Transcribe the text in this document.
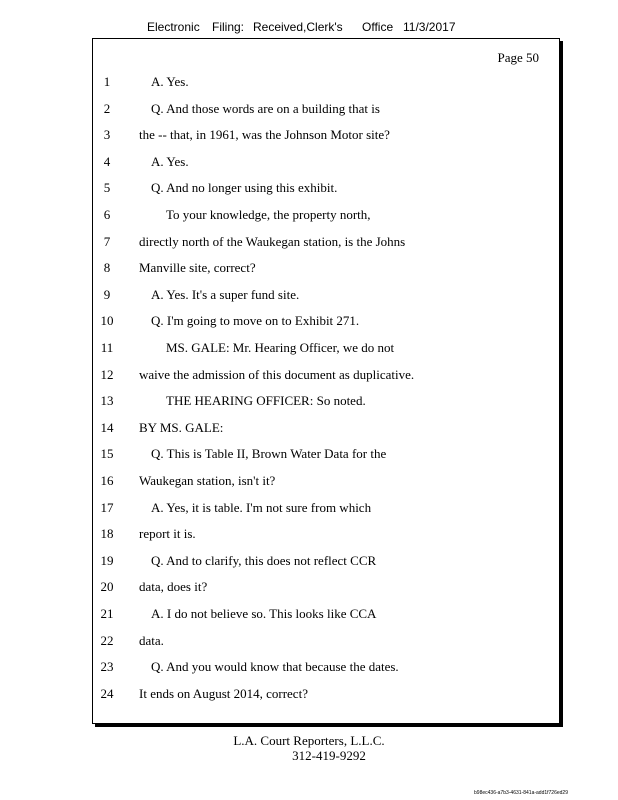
Electronic Filing: Received,Clerk's Office 11/3/2017
Page 50
1	A. Yes.
2	Q. And those words are on a building that is
3	the -- that, in 1961, was the Johnson Motor site?
4	A. Yes.
5	Q. And no longer using this exhibit.
6	To your knowledge, the property north,
7	directly north of the Waukegan station, is the Johns
8	Manville site, correct?
9	A. Yes. It's a super fund site.
10	Q. I'm going to move on to Exhibit 271.
11	MS. GALE: Mr. Hearing Officer, we do not
12	waive the admission of this document as duplicative.
13	THE HEARING OFFICER: So noted.
14	BY MS. GALE:
15	Q. This is Table II, Brown Water Data for the
16	Waukegan station, isn't it?
17	A. Yes, it is table. I'm not sure from which
18	report it is.
19	Q. And to clarify, this does not reflect CCR
20	data, does it?
21	A. I do not believe so. This looks like CCA
22	data.
23	Q. And you would know that because the dates.
24	It ends on August 2014, correct?
L.A. Court Reporters, L.L.C.
312-419-9292
b98ec436-a7b3-4631-841a-add1f726ed29
